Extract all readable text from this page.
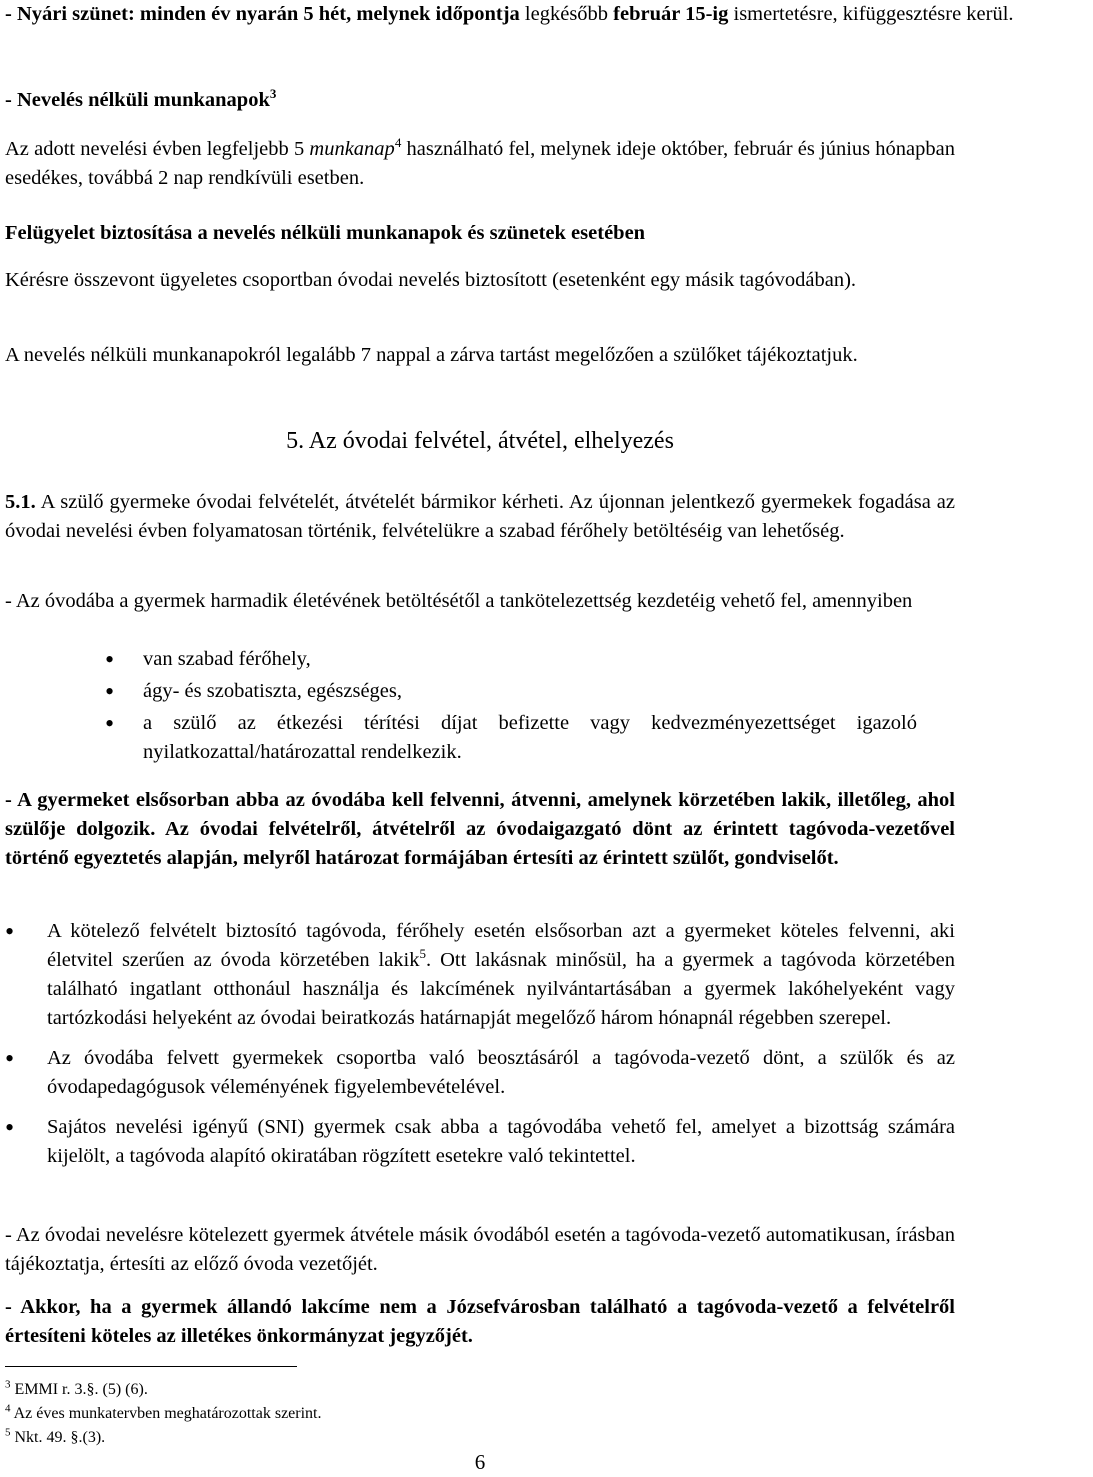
- Nyári szünet: minden év nyarán 5 hét, melynek időpontja legkésőbb február 15-ig ismertetésre, kifüggesztésre kerül.

- Nevelés nélküli munkanapok$^3$

Az adott nevelési évben legfeljebb 5 munkanap$^4$ használható fel, melynek ideje október, február és június hónapban esedékes, továbbá 2 nap rendkívüli esetben.

Felügyelet biztosítása a nevelés nélküli munkanapok és szünetek esetében

Kérésre összevont ügyeletes csoportban óvodai nevelés biztosított (esetenként egy másik tagóvodában).

A nevelés nélküli munkanapokról legalább 7 nappal a zárva tartást megelőzően a szülőket tájékoztatjuk.

5. Az óvodai felvétel, átvétel, elhelyezés

5.1. A szülő gyermeke óvodai felvételét, átvételét bármikor kérheti. Az újonnan jelentkező gyermekek fogadása az óvodai nevelési évben folyamatosan történik, felvételükre a szabad férőhely betöltéséig van lehetőség.

- Az óvodába a gyermek harmadik életévének betöltésétől a tankötelezettség kezdetéig vehető fel, amennyiben

• van szabad férőhely,
• ágy- és szobatiszta, egészséges,
• a szülő az étkezési térítési díjat befizette vagy kedvezményezettséget igazoló nyilatkozattal/határozattal rendelkezik.

- A gyermeket elsősorban abba az óvodába kell felvenni, átvenni, amelynek körzetében lakik, illetőleg, ahol szülője dolgozik. Az óvodai felvételről, átvételről az óvodaigazgató dönt az érintett tagóvoda-vezetővel történő egyeztetés alapján, melyről határozat formájában értesíti az érintett szülőt, gondviselőt.

• A kötelező felvételt biztosító tagóvoda, férőhely esetén elsősorban azt a gyermeket köteles felvenni, aki életvitel szerűen az óvoda körzetében lakik$^5$. Ott lakásnak minősül, ha a gyermek a tagóvoda körzetében található ingatlant otthonául használja és lakcímének nyilvántartásában a gyermek lakóhelyeként vagy tartózkodási helyeként az óvodai beiratkozás határnapját megelőző három hónapnál régebben szerepel.
• Az óvodába felvett gyermekek csoportba való beosztásáról a tagóvoda-vezető dönt, a szülők és az óvodapedagógusok véleményének figyelembevételével.
• Sajátos nevelési igényű (SNI) gyermek csak abba a tagóvodába vehető fel, amelyet a bizottság számára kijelölt, a tagóvoda alapító okiratában rögzített esetekre való tekintettel.

- Az óvodai nevelésre kötelezett gyermek átvétele másik óvodából esetén a tagóvoda-vezető automatikusan, írásban tájékoztatja, értesíti az előző óvoda vezetőjét.

- Akkor, ha a gyermek állandó lakcíme nem a Józsefvárosban található a tagóvoda-vezető a felvételről értesíteni köteles az illetékes önkormányzat jegyzőjét.

$^3$ EMMI r. 3.§. (5) (6).

$^4$ Az éves munkatervben meghatározottak szerint.

$^5$ Nkt. 49. §.(3).

6
